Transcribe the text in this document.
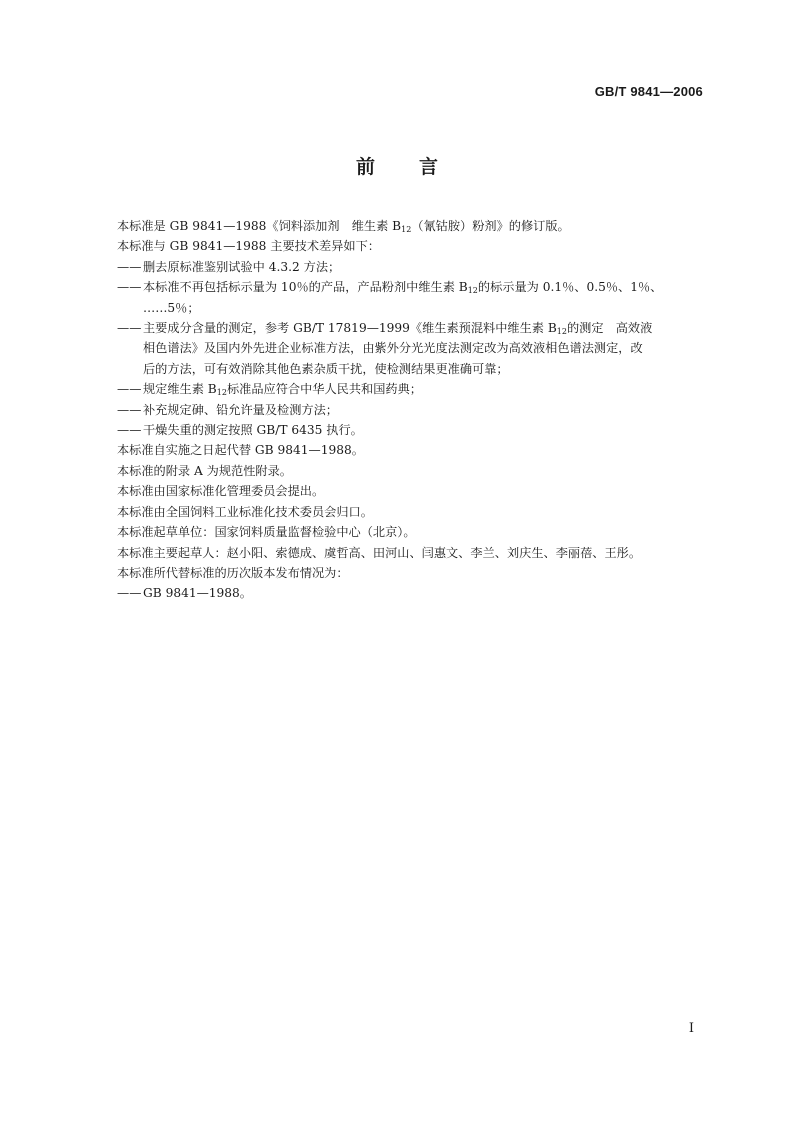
GB/T 9841—2006
前 言

本标准是 GB 9841—1988《饲料添加剂　维生素 $B_{12}$（氰钴胺）粉剂》的修订版。

本标准与 GB 9841—1988 主要技术差异如下：

—— 删去原标准鉴别试验中 4.3.2 方法；
—— 本标准不再包括标示量为 10％的产品，产品粉剂中维生素 $B_{12}$的标示量为 0.1％、0.5％、1％、
……5％；
—— 主要成分含量的测定，参考 GB/T 17819—1999《维生素预混料中维生素 $B_{12}$的测定　高效液
相色谱法》及国内外先进企业标准方法，由紫外分光光度法测定改为高效液相色谱法测定，改
后的方法，可有效消除其他色素杂质干扰，使检测结果更准确可靠；
—— 规定维生素 $B_{12}$标准品应符合中华人民共和国药典；
—— 补充规定砷、铅允许量及检测方法；
—— 干燥失重的测定按照 GB/T 6435 执行。

本标准自实施之日起代替 GB 9841—1988。

本标准的附录 A 为规范性附录。

本标准由国家标准化管理委员会提出。

本标准由全国饲料工业标准化技术委员会归口。

本标准起草单位：国家饲料质量监督检验中心（北京）。

本标准主要起草人：赵小阳、索德成、虞哲高、田河山、闫惠文、李兰、刘庆生、李丽蓓、王彤。

本标准所代替标准的历次版本发布情况为：

—— GB 9841—1988。
Ⅰ
